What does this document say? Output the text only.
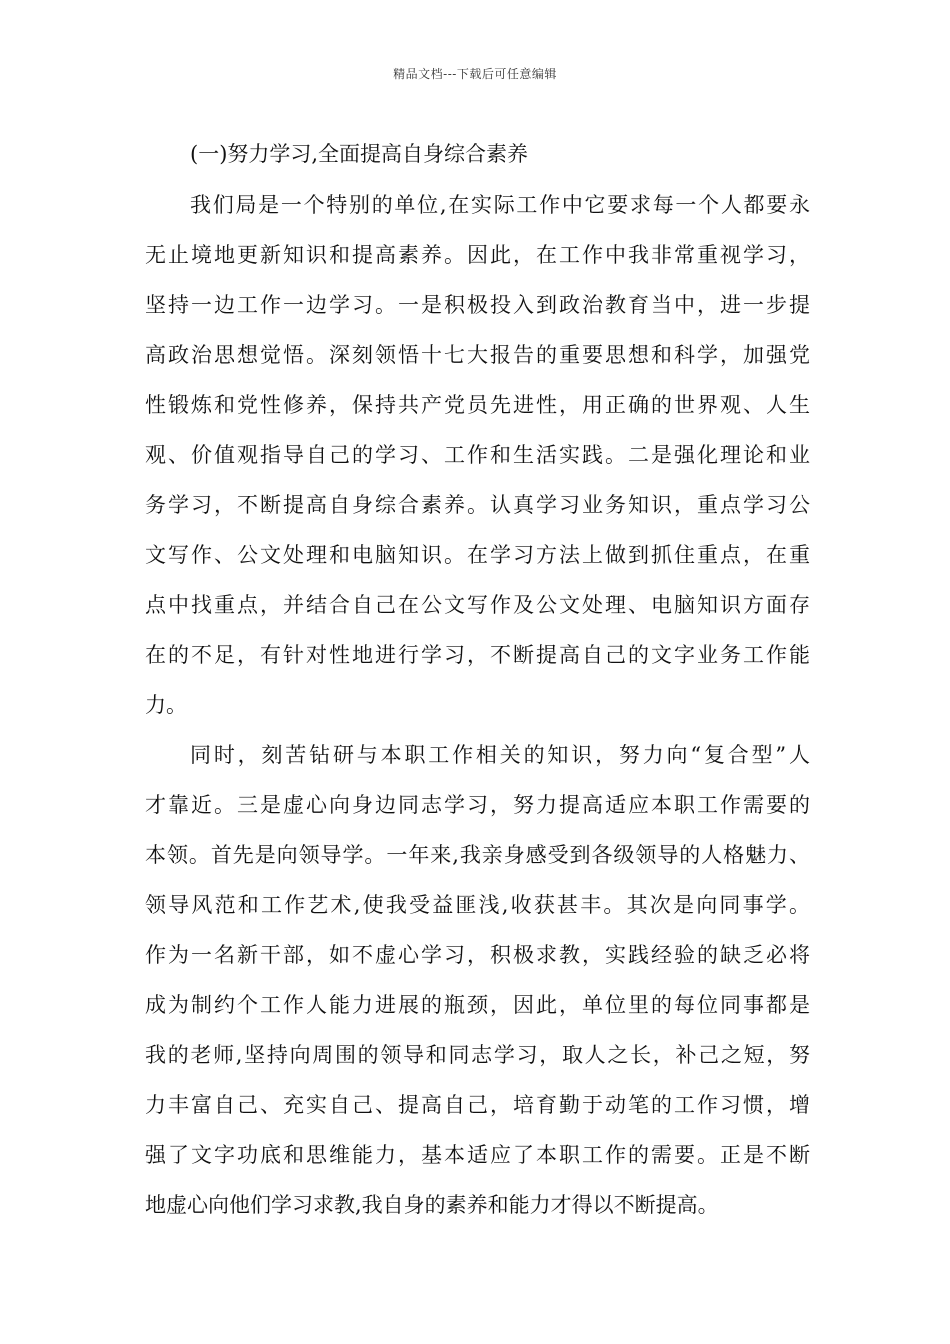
精品文档---下载后可任意编辑

(一)努力学习,全面提高自身综合素养

我们局是一个特别的单位,在实际工作中它要求每一个人都要永

无止境地更新知识和提高素养。因此，在工作中我非常重视学习，

坚持一边工作一边学习。一是积极投入到政治教育当中，进一步提

高政治思想觉悟。深刻领悟十七大报告的重要思想和科学，加强党

性锻炼和党性修养，保持共产党员先进性，用正确的世界观、人生

观、价值观指导自己的学习、工作和生活实践。二是强化理论和业

务学习，不断提高自身综合素养。认真学习业务知识，重点学习公

文写作、公文处理和电脑知识。在学习方法上做到抓住重点，在重

点中找重点，并结合自己在公文写作及公文处理、电脑知识方面存

在的不足，有针对性地进行学习，不断提高自己的文字业务工作能

力。

同时，刻苦钻研与本职工作相关的知识，努力向“复合型”人

才靠近。三是虚心向身边同志学习，努力提高适应本职工作需要的

本领。首先是向领导学。一年来,我亲身感受到各级领导的人格魅力、

领导风范和工作艺术,使我受益匪浅,收获甚丰。其次是向同事学。

作为一名新干部，如不虚心学习，积极求教，实践经验的缺乏必将

成为制约个工作人能力进展的瓶颈，因此，单位里的每位同事都是

我的老师,坚持向周围的领导和同志学习，取人之长，补己之短，努

力丰富自己、充实自己、提高自己，培育勤于动笔的工作习惯，增

强了文字功底和思维能力，基本适应了本职工作的需要。正是不断

地虚心向他们学习求教,我自身的素养和能力才得以不断提高。
